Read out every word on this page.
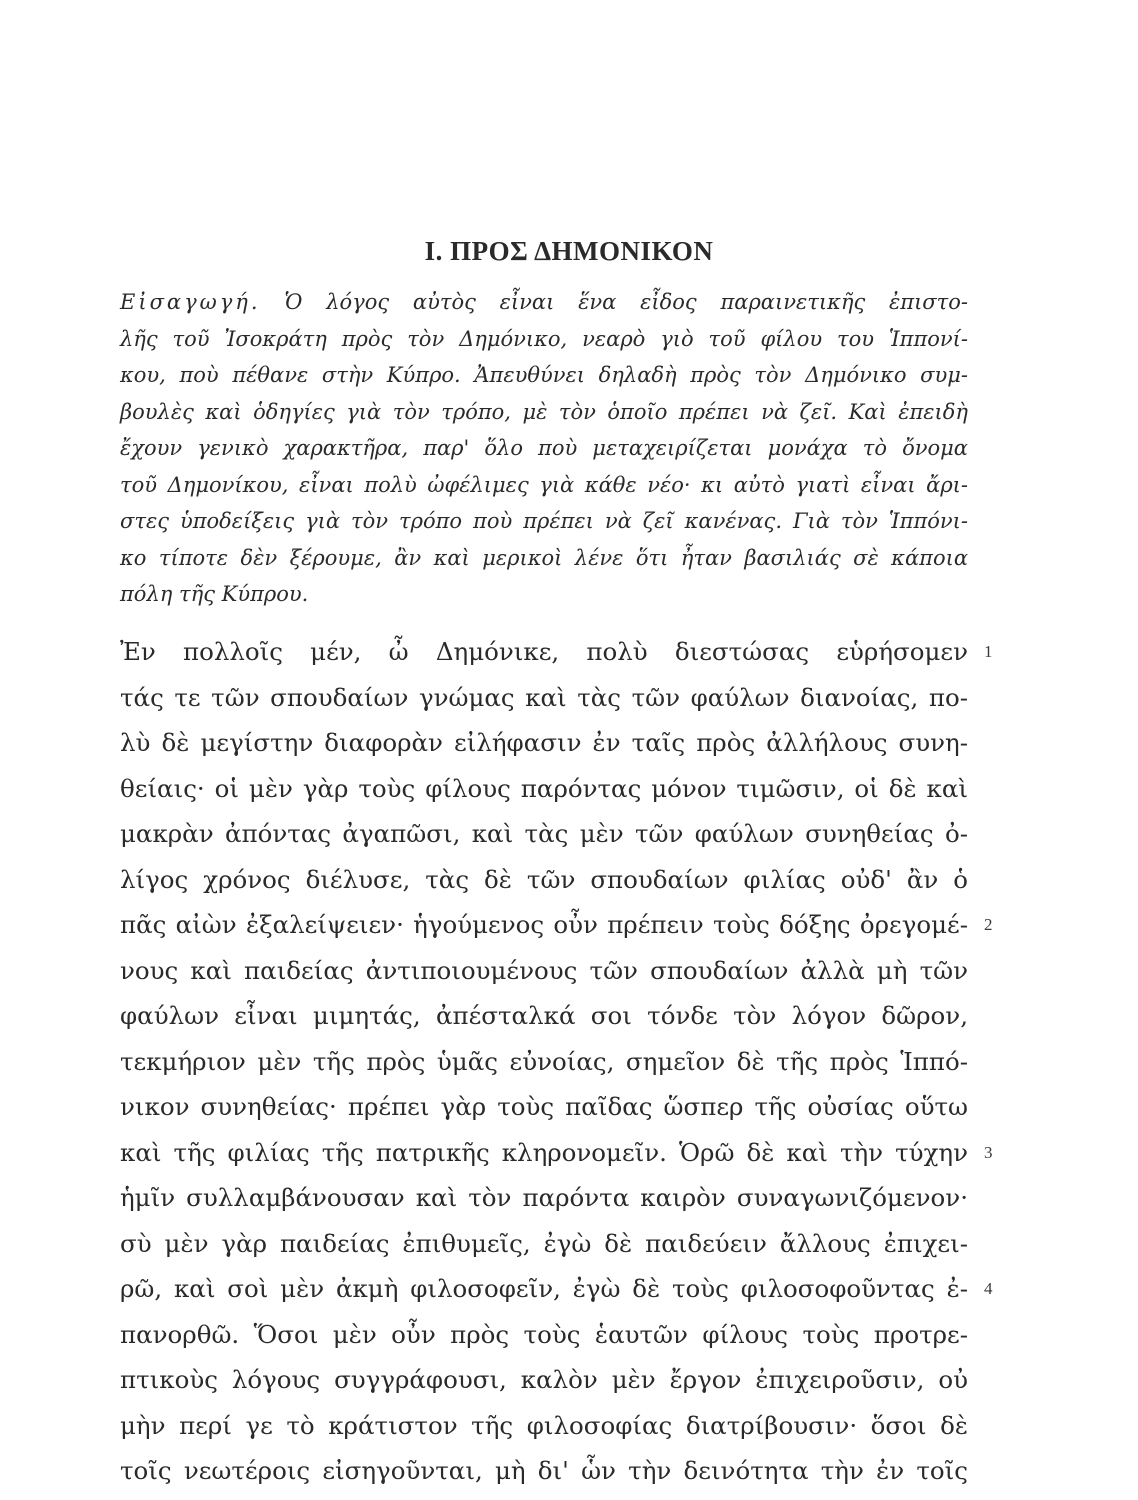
I. ΠΡΟΣ ΔΗΜΟΝΙΚΟΝ
Εἰσαγωγή. Ὁ λόγος αὐτὸς εἶναι ἕνα εἶδος παραινετικῆς ἐπιστο-
λῆς τοῦ Ἰσοκράτη πρὸς τὸν Δημόνικο, νεαρὸ γιὸ τοῦ φίλου του Ἱππονί-
κου, ποὺ πέθανε στὴν Κύπρο. Ἀπευθύνει δηλαδὴ πρὸς τὸν Δημόνικο συμ-
βουλὲς καὶ ὁδηγίες γιὰ τὸν τρόπο, μὲ τὸν ὁποῖο πρέπει νὰ ζεῖ. Καὶ ἐπειδὴ
ἔχουν γενικὸ χαρακτῆρα, παρ' ὅλο ποὺ μεταχειρίζεται μονάχα τὸ ὄνομα
τοῦ Δημονίκου, εἶναι πολὺ ὠφέλιμες γιὰ κάθε νέο· κι αὐτὸ γιατὶ εἶναι ἄρι-
στες ὑποδείξεις γιὰ τὸν τρόπο ποὺ πρέπει νὰ ζεῖ κανένας. Γιὰ τὸν Ἱππόνι-
κο τίποτε δὲν ξέρουμε, ἂν καὶ μερικοὶ λένε ὅτι ἦταν βασιλιάς σὲ κάποια
πόλη τῆς Κύπρου.
Ἐν πολλοῖς μέν, ὦ Δημόνικε, πολὺ διεστώσας εὑρήσομεν 1
τάς τε τῶν σπουδαίων γνώμας καὶ τὰς τῶν φαύλων διανοίας, πο-
λὺ δὲ μεγίστην διαφορὰν εἰλήφασιν ἐν ταῖς πρὸς ἀλλήλους συνη-
θείαις· οἱ μὲν γὰρ τοὺς φίλους παρόντας μόνον τιμῶσιν, οἱ δὲ καὶ
μακρὰν ἀπόντας ἀγαπῶσι, καὶ τὰς μὲν τῶν φαύλων συνηθείας ὀ-
λίγος χρόνος διέλυσε, τὰς δὲ τῶν σπουδαίων φιλίας οὐδ' ἂν ὁ
πᾶς αἰὼν ἐξαλείψειεν· ἡγούμενος οὖν πρέπειν τοὺς δόξης ὀρεγομέ- 2
νους καὶ παιδείας ἀντιποιουμένους τῶν σπουδαίων ἀλλὰ μὴ τῶν
φαύλων εἶναι μιμητάς, ἀπέσταλκά σοι τόνδε τὸν λόγον δῶρον,
τεκμήριον μὲν τῆς πρὸς ὑμᾶς εὐνοίας, σημεῖον δὲ τῆς πρὸς Ἱππό-
νικον συνηθείας· πρέπει γὰρ τοὺς παῖδας ὥσπερ τῆς οὐσίας οὕτω
καὶ τῆς φιλίας τῆς πατρικῆς κληρονομεῖν. Ὁρῶ δὲ καὶ τὴν τύχην 3
ἡμῖν συλλαμβάνουσαν καὶ τὸν παρόντα καιρὸν συναγωνιζόμενον·
σὺ μὲν γὰρ παιδείας ἐπιθυμεῖς, ἐγὼ δὲ παιδεύειν ἄλλους ἐπιχει-
ρῶ, καὶ σοὶ μὲν ἀκμὴ φιλοσοφεῖν, ἐγὼ δὲ τοὺς φιλοσοφοῦντας ἐ- 4
πανορθῶ. Ὅσοι μὲν οὖν πρὸς τοὺς ἑαυτῶν φίλους τοὺς προτρε-
πτικοὺς λόγους συγγράφουσι, καλὸν μὲν ἔργον ἐπιχειροῦσιν, οὐ
μὴν περί γε τὸ κράτιστον τῆς φιλοσοφίας διατρίβουσιν· ὅσοι δὲ
τοῖς νεωτέροις εἰσηγοῦνται, μὴ δι' ὧν τὴν δεινότητα τὴν ἐν τοῖς
